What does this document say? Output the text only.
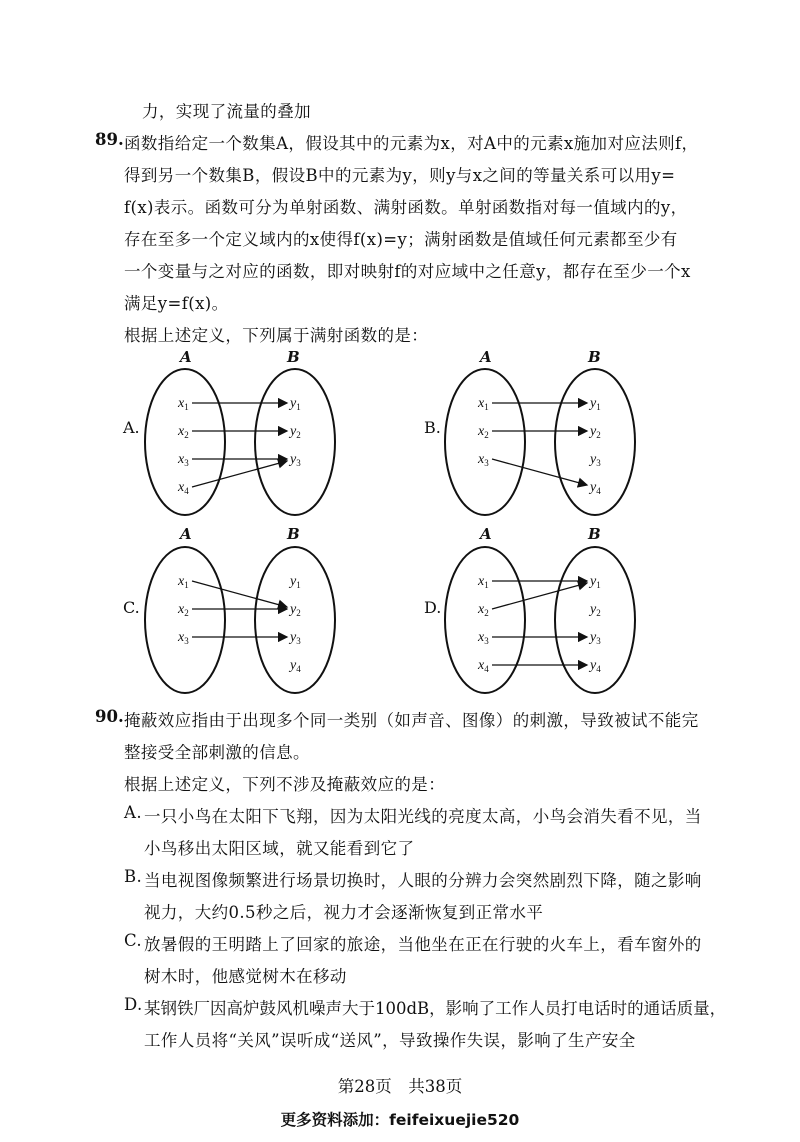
力，实现了流量的叠加
89. 函数指给定一个数集A，假设其中的元素为x，对A中的元素x施加对应法则f，
得到另一个数集B，假设B中的元素为y，则y与x之间的等量关系可以用y=
f(x)表示。函数可分为单射函数、满射函数。单射函数指对每一值域内的y，
存在至多一个定义域内的x使得f(x)=y；满射函数是值域任何元素都至少有
一个变量与之对应的函数，即对映射f的对应域中之任意y，都存在至少一个x
满足y=f(x)。
根据上述定义，下列属于满射函数的是：
A.
A	B
$x_1$
$x_2$
$x_3$
$x_4$
$y_1$
$y_2$
$y_3$
B.
A	B
$x_1$
$x_2$
$x_3$
$y_1$
$y_2$
$y_3$
$y_4$
C.
A	B
$x_1$
$x_2$
$x_3$
$y_1$
$y_2$
$y_3$
$y_4$
D.
A	B
$x_1$
$x_2$
$x_3$
$x_4$
$y_1$
$y_2$
$y_3$
$y_4$
90. 掩蔽效应指由于出现多个同一类别（如声音、图像）的刺激，导致被试不能完
整接受全部刺激的信息。
根据上述定义，下列不涉及掩蔽效应的是：
A. 一只小鸟在太阳下飞翔，因为太阳光线的亮度太高，小鸟会消失看不见，当
小鸟移出太阳区域，就又能看到它了
B. 当电视图像频繁进行场景切换时，人眼的分辨力会突然剧烈下降，随之影响
视力，大约0.5秒之后，视力才会逐渐恢复到正常水平
C. 放暑假的王明踏上了回家的旅途，当他坐在正在行驶的火车上，看车窗外的
树木时，他感觉树木在移动
D. 某钢铁厂因高炉鼓风机噪声大于100dB，影响了工作人员打电话时的通话质量，
工作人员将“关风”误听成“送风”，导致操作失误，影响了生产安全
第28页　共38页
更多资料添加：feifeixuejie520
